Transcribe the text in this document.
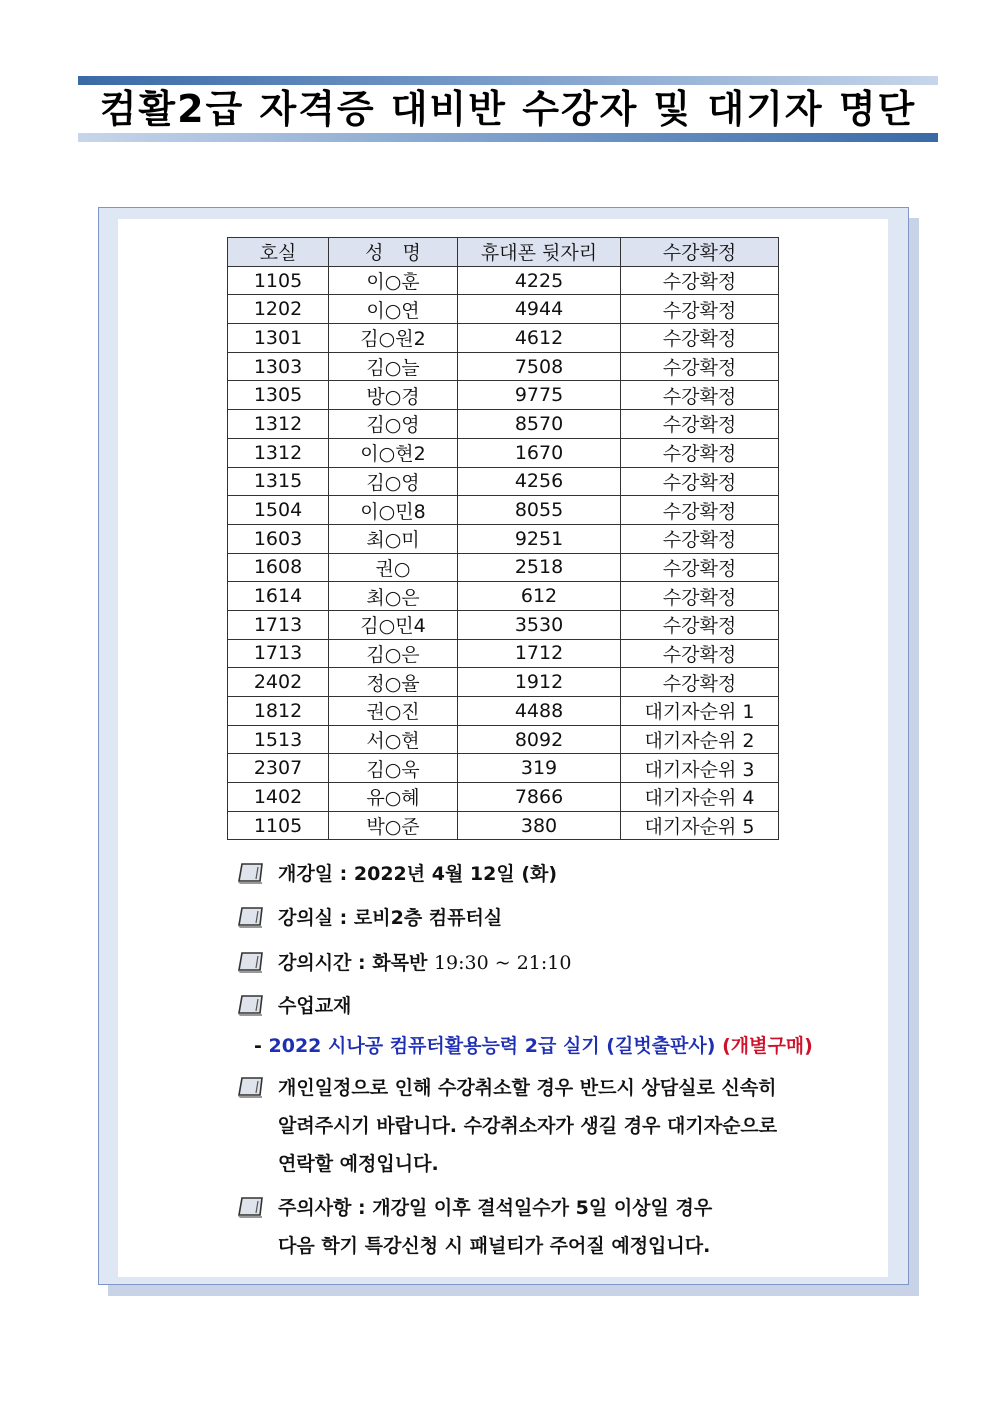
컴활2급 자격증 대비반 수강자 및 대기자 명단
호실	성　명	휴대폰 뒷자리	수강확정
1105	이○훈	4225	수강확정
1202	이○연	4944	수강확정
1301	김○원2	4612	수강확정
1303	김○늘	7508	수강확정
1305	방○경	9775	수강확정
1312	김○영	8570	수강확정
1312	이○현2	1670	수강확정
1315	김○영	4256	수강확정
1504	이○민8	8055	수강확정
1603	최○미	9251	수강확정
1608	권○	2518	수강확정
1614	최○은	612	수강확정
1713	김○민4	3530	수강확정
1713	김○은	1712	수강확정
2402	정○율	1912	수강확정
1812	권○진	4488	대기자순위 1
1513	서○현	8092	대기자순위 2
2307	김○욱	319	대기자순위 3
1402	유○혜	7866	대기자순위 4
1105	박○준	380	대기자순위 5
개강일 : 2022년 4월 12일 (화)
강의실 : 로비2층 컴퓨터실
강의시간 : 화목반 19:30 ~ 21:10
수업교재
- 2022 시나공 컴퓨터활용능력 2급 실기 (길벗출판사) (개별구매)
개인일정으로 인해 수강취소할 경우 반드시 상담실로 신속히
알려주시기 바랍니다. 수강취소자가 생길 경우 대기자순으로
연락할 예정입니다.
주의사항 : 개강일 이후 결석일수가 5일 이상일 경우
다음 학기 특강신청 시 패널티가 주어질 예정입니다.
